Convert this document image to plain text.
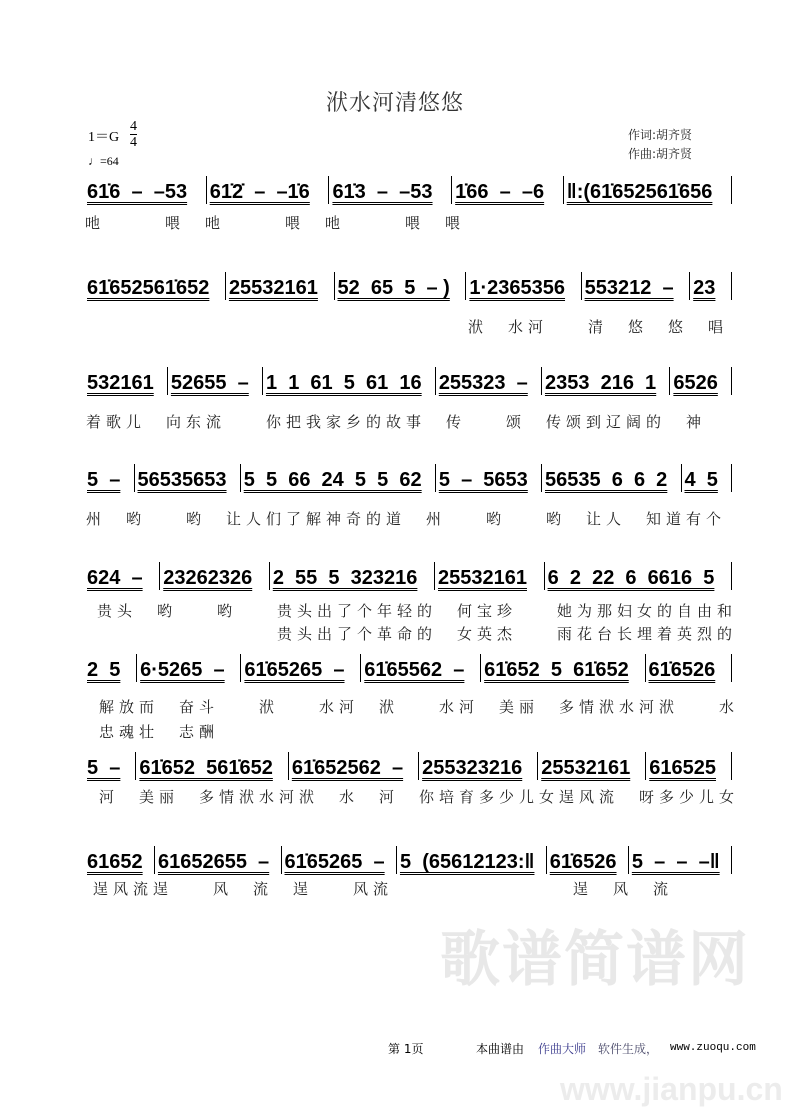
歌谱简谱网
www.jianpu.cn
洑水河清悠悠
1＝G
4
4
♩=64
作词:胡齐贤
作曲:胡齐贤
61̇6  –  –53	61̇2̇  –  –1̇6	61̇3  –  –53	1̇66  –  –6	‖:(61̇652561̇656
吔　　　喂　吔　　　喂　吔　　　喂　喂
61̇652561̇652 25532161 52  65  5  – ) 1·2365356 553212  – 23
洑　水河　　清　悠　悠　唱
532161 52655  – 1  1  61  5  61  16 255323  – 2353  216  1 6526
着歌儿　向东流　　你把我家乡的故事　传　　颂　传颂到辽阔的　神
5  – 56535653 5  5  66  24  5  5  62 5  –  5653 56535  6  6  2 4  5
州　哟　　哟　让人们了解神奇的道　州　　哟　　哟　让人　知道有个
624  –	23262326	2  55  5  323216	25532161	6  2  22  6  6616  5
贵头　哟　　哟　　贵头出了个年轻的　何宝珍　　她为那妇女的自由和
　　　　　　　　　贵头出了个革命的　女英杰　　雨花台长埋着英烈的
2  5 6·5265  – 61̇65265  – 61̇65562  – 61̇652  5  61̇652 61̇6526
解放而　奋斗　　洑　　水河　洑　　水河　美丽　多情洑水河洑　　水
忠魂壮　志酬
5  – 61̇652  561̇652 61̇652562  – 255323216 25532161 616525
河　美丽　多情洑水河洑　水　河　你培育多少儿女逞风流　呀多少儿女
61652 61652655  – 61̇65265  – 5  (65612123:‖ 61̇6526 5  –  –  –‖
逞风流逞　　风　流　逞　　风流　　　　　　　　　逞　风　流
第 1页	本曲谱由 作曲大师 软件生成， www.zuoqu.com
